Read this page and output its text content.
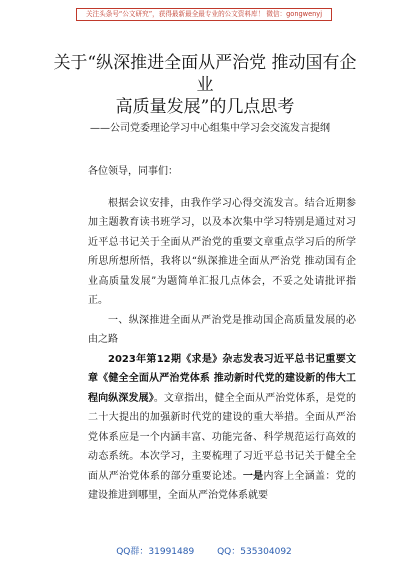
关注头条号“公文研究”，获得最新最全最专业的公文资料库！ 微信：gongwenyj
关于“纵深推进全面从严治党 推动国有企
业
高质量发展”的几点思考
——公司党委理论学习中心组集中学习会交流发言提纲

各位领导，同事们：

根据会议安排，由我作学习心得交流发言。结合近期参加主题教育读书班学习，以及本次集中学习特别是通过对习近平总书记关于全面从严治党的重要文章重点学习后的所学所思所想所悟，我将以“纵深推进全面从严治党 推动国有企业高质量发展”为题简单汇报几点体会，不妥之处请批评指正。

一、纵深推进全面从严治党是推动国企高质量发展的必由之路

2023年第12期《求是》杂志发表习近平总书记重要文章《健全全面从严治党体系 推动新时代党的建设新的伟大工程向纵深发展》。文章指出，健全全面从严治党体系，是党的二十大提出的加强新时代党的建设的重大举措。全面从严治党体系应是一个内涵丰富、功能完备、科学规范运行高效的动态系统。本次学习，主要梳理了习近平总书记关于健全全面从严治党体系的部分重要论述。一是内容上全涵盖：党的建设推进到哪里，全面从严治党体系就要

QQ群：31991489	QQ：535304092
